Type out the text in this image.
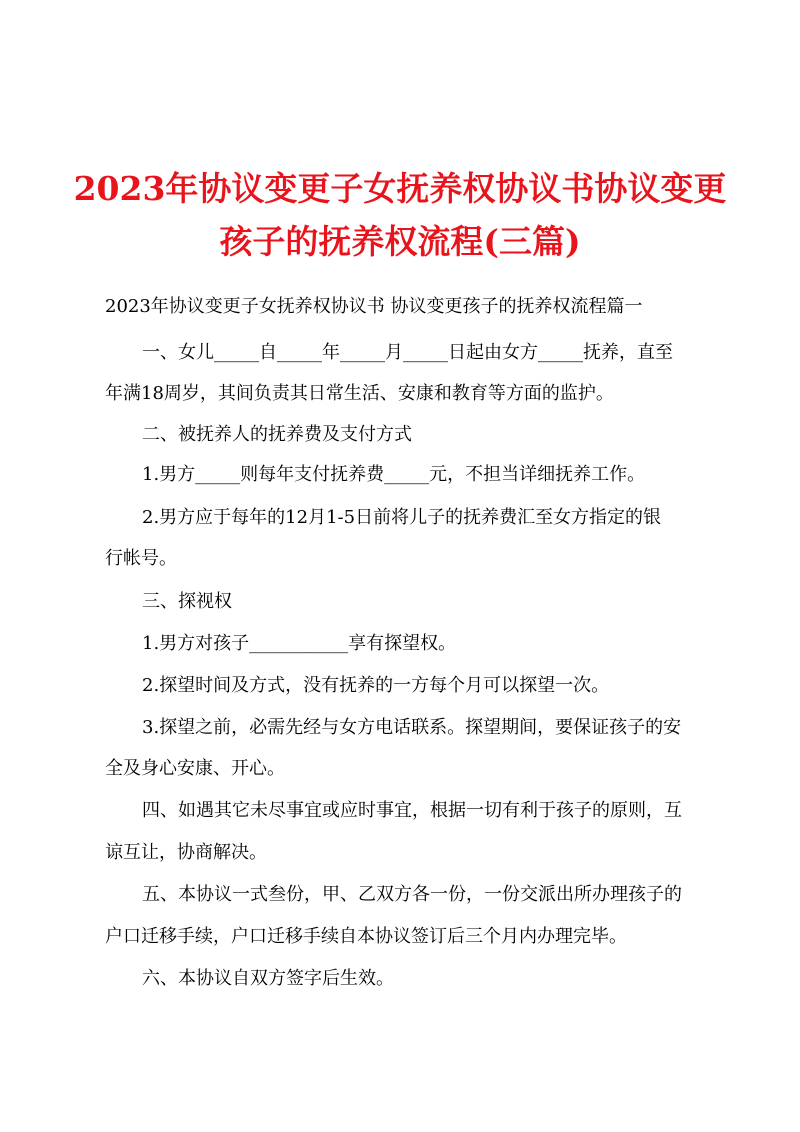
2023年协议变更子女抚养权协议书协议变更
孩子的抚养权流程(三篇)
2023年协议变更子女抚养权协议书 协议变更孩子的抚养权流程篇一
一、女儿_____自_____年_____月_____日起由女方_____抚养，直至
年满18周岁，其间负责其日常生活、安康和教育等方面的监护。
二、被抚养人的抚养费及支付方式
1.男方_____则每年支付抚养费_____元，不担当详细抚养工作。
2.男方应于每年的12月1-5日前将儿子的抚养费汇至女方指定的银
行帐号。
三、探视权
1.男方对孩子___________享有探望权。
2.探望时间及方式，没有抚养的一方每个月可以探望一次。
3.探望之前，必需先经与女方电话联系。探望期间，要保证孩子的安
全及身心安康、开心。
四、如遇其它未尽事宜或应时事宜，根据一切有利于孩子的原则，互
谅互让，协商解决。
五、本协议一式叁份，甲、乙双方各一份，一份交派出所办理孩子的
户口迁移手续，户口迁移手续自本协议签订后三个月内办理完毕。
六、本协议自双方签字后生效。
